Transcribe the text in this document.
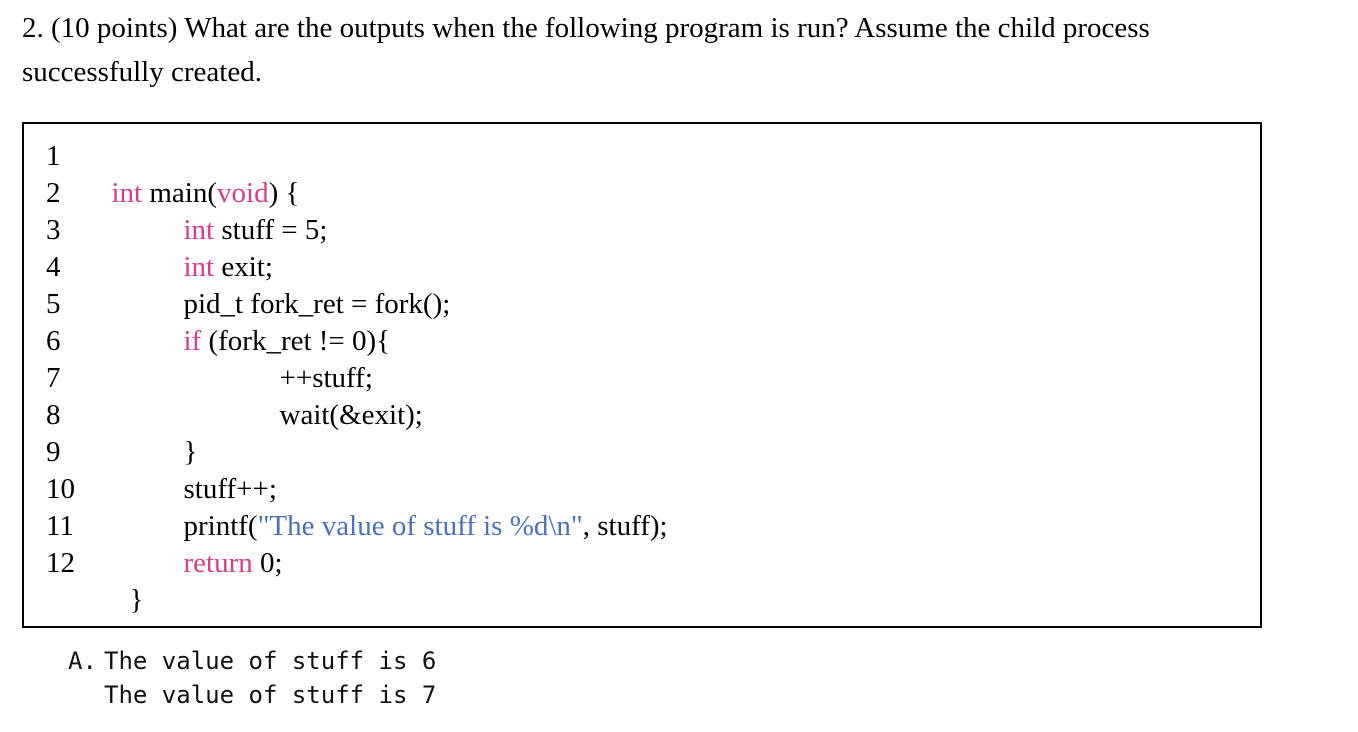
2. (10 points) What are the outputs when the following program is run? Assume the child process
successfully created.

1

int main(void) {

2

int stuff = 5;

3

int exit;

4

pid_t fork_ret = fork();

5

if (fork_ret != 0){

6

++stuff;

7

wait(&exit);

8

}

9

stuff++;

10

printf("The value of stuff is %d\n", stuff);

11

return 0;

12

}

A. The value of stuff is 6
The value of stuff is 7
